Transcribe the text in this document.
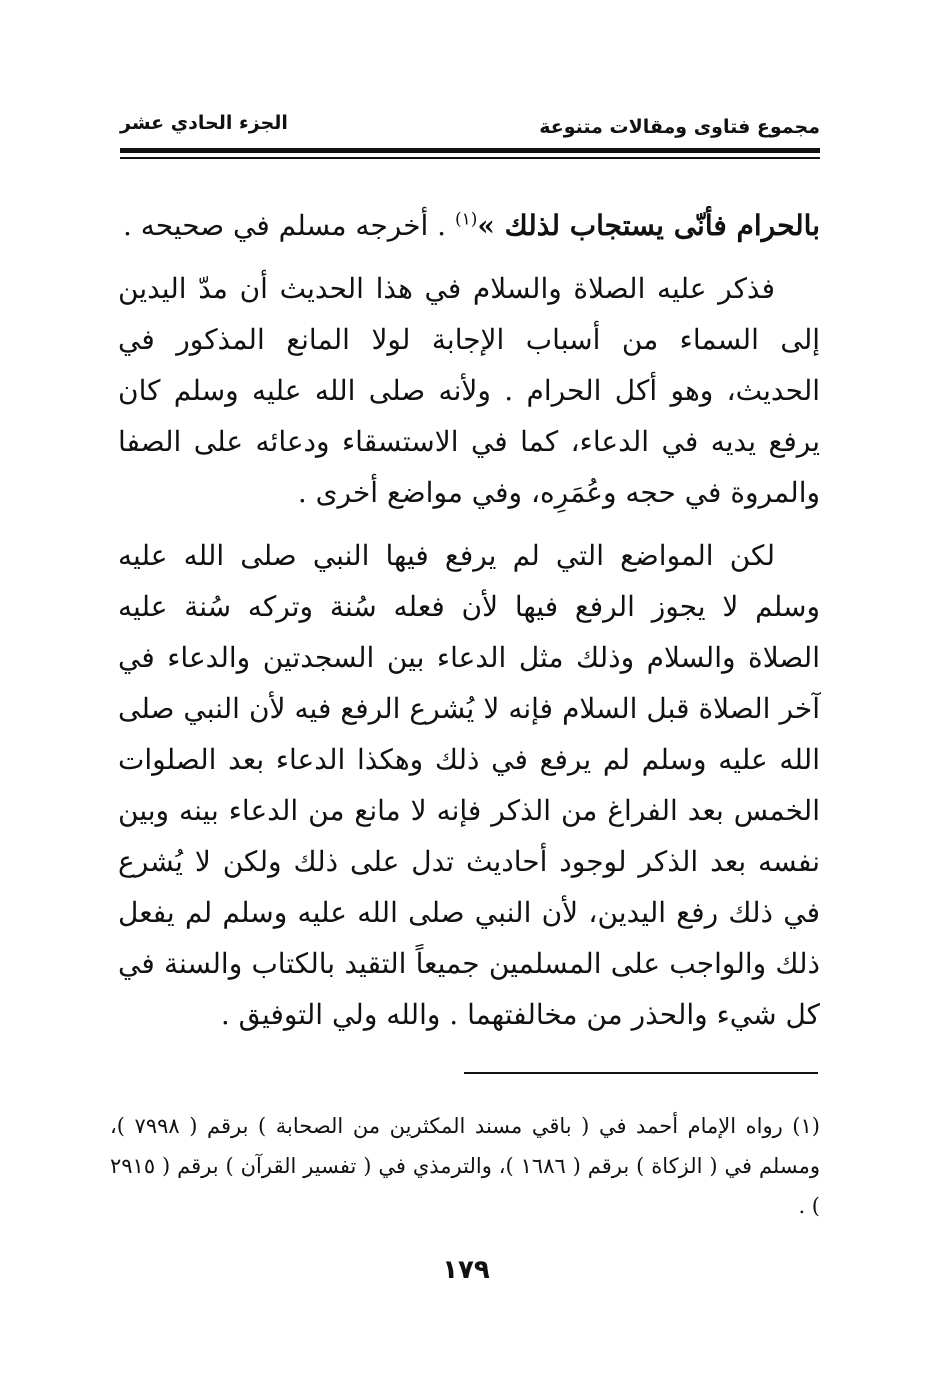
مجموع فتاوى ومقالات متنوعة
الجزء الحادي عشر

بالحرام فأنّى يستجاب لذلك »$^{(١)}$ . أخرجه مسلم في صحيحه .

فذكر عليه الصلاة والسلام في هذا الحديث أن مدّ اليدين إلى السماء من أسباب الإجابة لولا المانع المذكور في الحديث، وهو أكل الحرام . ولأنه صلى الله عليه وسلم كان يرفع يديه في الدعاء، كما في الاستسقاء ودعائه على الصفا والمروة في حجه وعُمَرِه، وفي مواضع أخرى .

لكن المواضع التي لم يرفع فيها النبي صلى الله عليه وسلم لا يجوز الرفع فيها لأن فعله سُنة وتركه سُنة عليه الصلاة والسلام وذلك مثل الدعاء بين السجدتين والدعاء في آخر الصلاة قبل السلام فإنه لا يُشرع الرفع فيه لأن النبي صلى الله عليه وسلم لم يرفع في ذلك وهكذا الدعاء بعد الصلوات الخمس بعد الفراغ من الذكر فإنه لا مانع من الدعاء بينه وبين نفسه بعد الذكر لوجود أحاديث تدل على ذلك ولكن لا يُشرع في ذلك رفع اليدين، لأن النبي صلى الله عليه وسلم لم يفعل ذلك والواجب على المسلمين جميعاً التقيد بالكتاب والسنة في كل شيء والحذر من مخالفتهما . والله ولي التوفيق .

(١) رواه الإمام أحمد في ( باقي مسند المكثرين من الصحابة ) برقم ( ٧٩٩٨ )، ومسلم في ( الزكاة ) برقم ( ١٦٨٦ )، والترمذي في ( تفسير القرآن ) برقم ( ٢٩١٥ ) .

١٧٩
